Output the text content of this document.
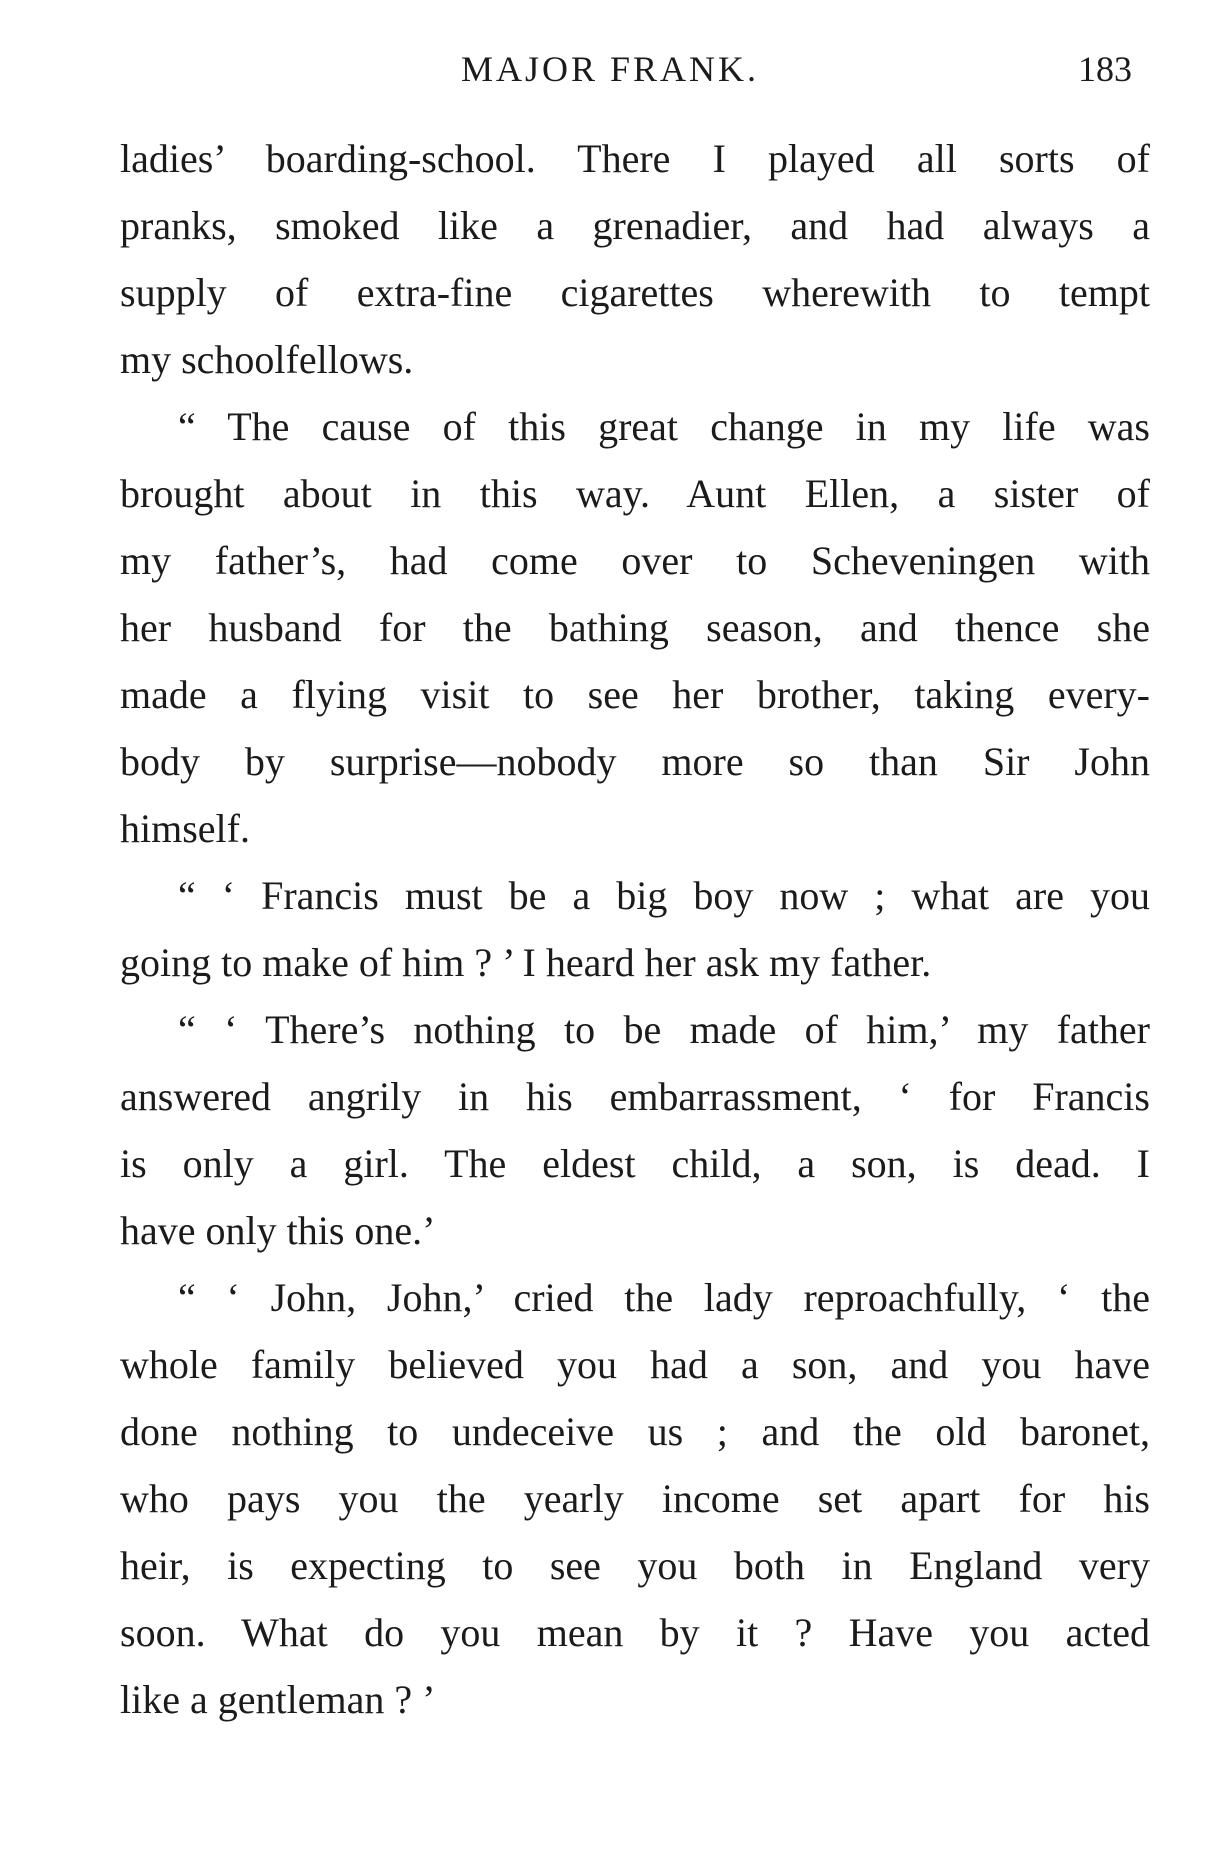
MAJOR FRANK.	183
ladies’ boarding-school. There I played all sorts of
pranks, smoked like a grenadier, and had always a
supply of extra-fine cigarettes wherewith to tempt
my schoolfellows.
“ The cause of this great change in my life was
brought about in this way. Aunt Ellen, a sister of
my father’s, had come over to Scheveningen with
her husband for the bathing season, and thence she
made a flying visit to see her brother, taking every-
body by surprise—nobody more so than Sir John
himself.
“ ‘ Francis must be a big boy now ; what are you
going to make of him ? ’ I heard her ask my father.
“ ‘ There’s nothing to be made of him,’ my father
answered angrily in his embarrassment, ‘ for Francis
is only a girl. The eldest child, a son, is dead. I
have only this one.’
“ ‘ John, John,’ cried the lady reproachfully, ‘ the
whole family believed you had a son, and you have
done nothing to undeceive us ; and the old baronet,
who pays you the yearly income set apart for his
heir, is expecting to see you both in England very
soon. What do you mean by it ? Have you acted
like a gentleman ? ’
